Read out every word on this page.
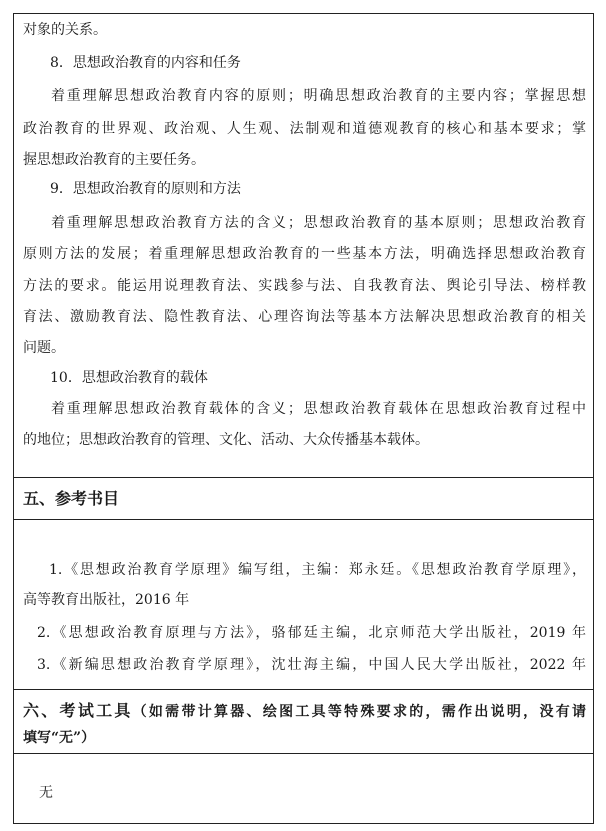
对象的关系。
8．思想政治教育的内容和任务
着重理解思想政治教育内容的原则；明确思想政治教育的主要内容；掌握思想
政治教育的世界观、政治观、人生观、法制观和道德观教育的核心和基本要求；掌
握思想政治教育的主要任务。
9．思想政治教育的原则和方法
着重理解思想政治教育方法的含义；思想政治教育的基本原则；思想政治教育
原则方法的发展；着重理解思想政治教育的一些基本方法，明确选择思想政治教育
方法的要求。能运用说理教育法、实践参与法、自我教育法、舆论引导法、榜样教
育法、激励教育法、隐性教育法、心理咨询法等基本方法解决思想政治教育的相关
问题。
10．思想政治教育的载体
着重理解思想政治教育载体的含义；思想政治教育载体在思想政治教育过程中
的地位；思想政治教育的管理、文化、活动、大众传播基本载体。
五、参考书目
1.《思想政治教育学原理》编写组，主编：郑永廷。《思想政治教育学原理》，
高等教育出版社，2016 年
2.《思想政治教育原理与方法》，骆郁廷主编，北京师范大学出版社，2019 年
3.《新编思想政治教育学原理》，沈壮海主编，中国人民大学出版社，2022 年
六、考试工具（如需带计算器、绘图工具等特殊要求的，需作出说明，没有请
填写“无”）
无
